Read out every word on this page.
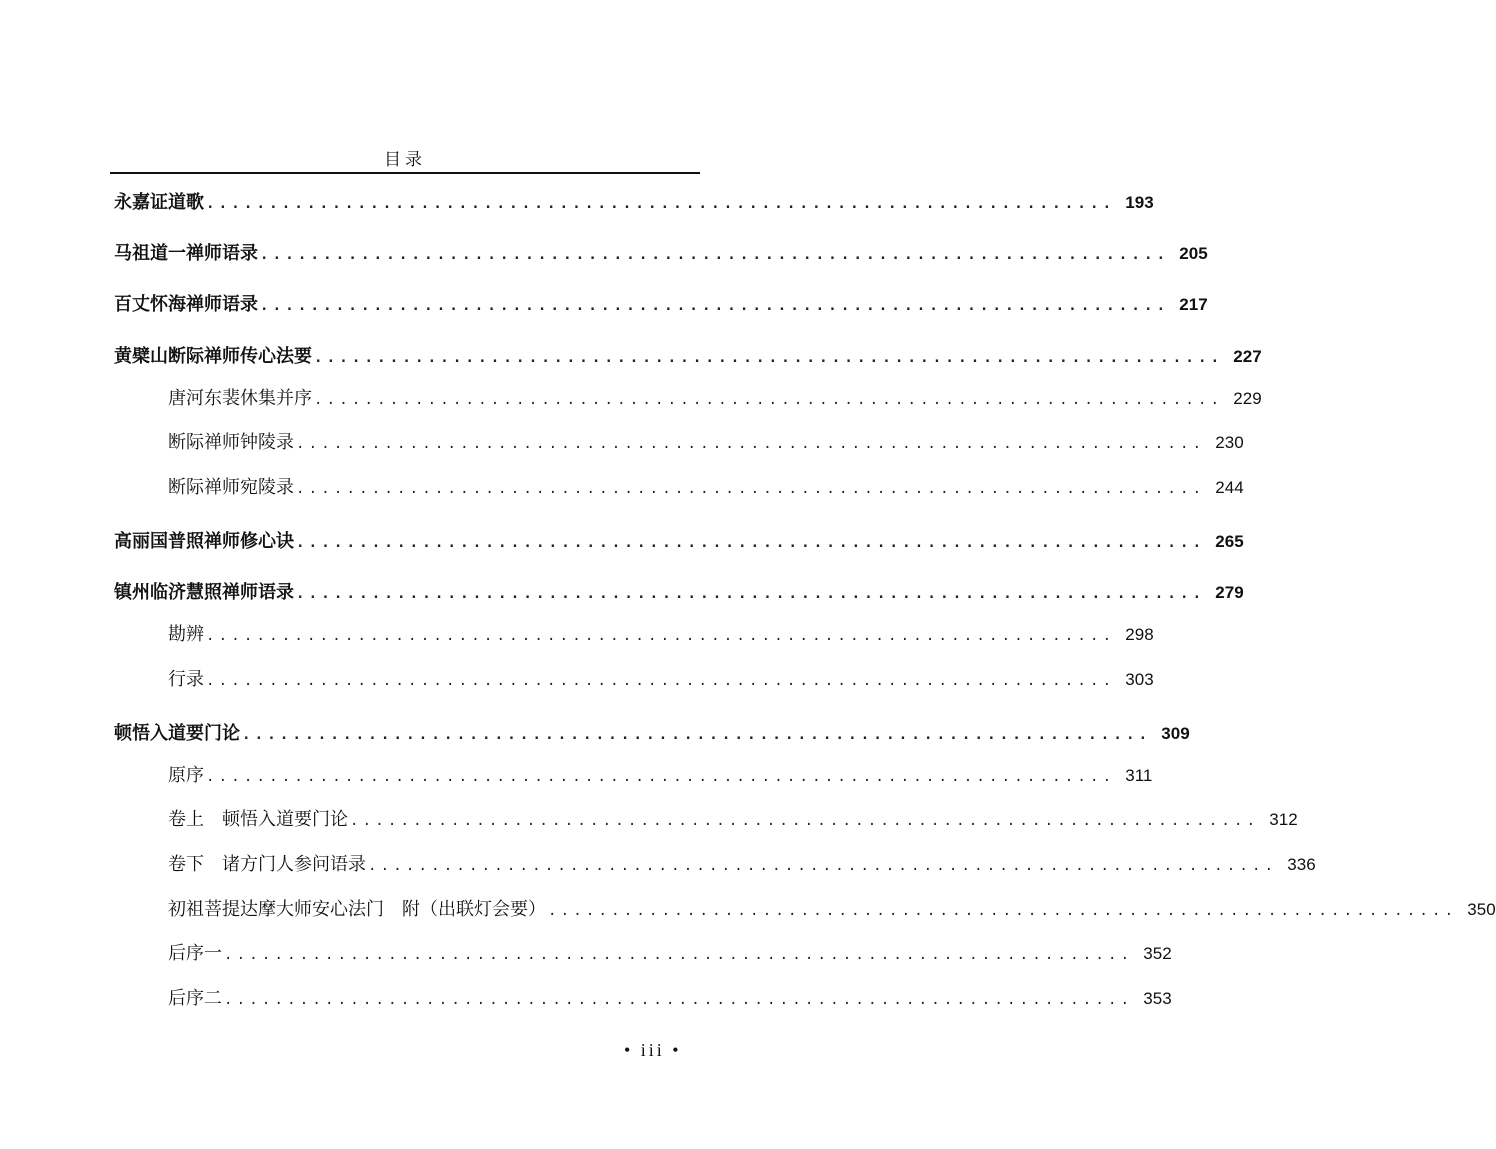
目录
永嘉证道歌 ........................................................................ 193
马祖道一禅师语录 ........................................................................ 205
百丈怀海禅师语录 ........................................................................ 217
黄檗山断际禅师传心法要 ........................................................................ 227
唐河东裴休集并序 ........................................................................ 229
断际禅师钟陵录 ........................................................................ 230
断际禅师宛陵录 ........................................................................ 244
高丽国普照禅师修心诀 ........................................................................ 265
镇州临济慧照禅师语录 ........................................................................ 279
勘辨 ........................................................................ 298
行录 ........................................................................ 303
顿悟入道要门论 ........................................................................ 309
原序 ........................................................................ 311
卷上　顿悟入道要门论 ........................................................................ 312
卷下　诸方门人参问语录 ........................................................................ 336
初祖菩提达摩大师安心法门　附（出联灯会要） ........................................................................ 350
后序一 ........................................................................ 352
后序二 ........................................................................ 353
• iii •
